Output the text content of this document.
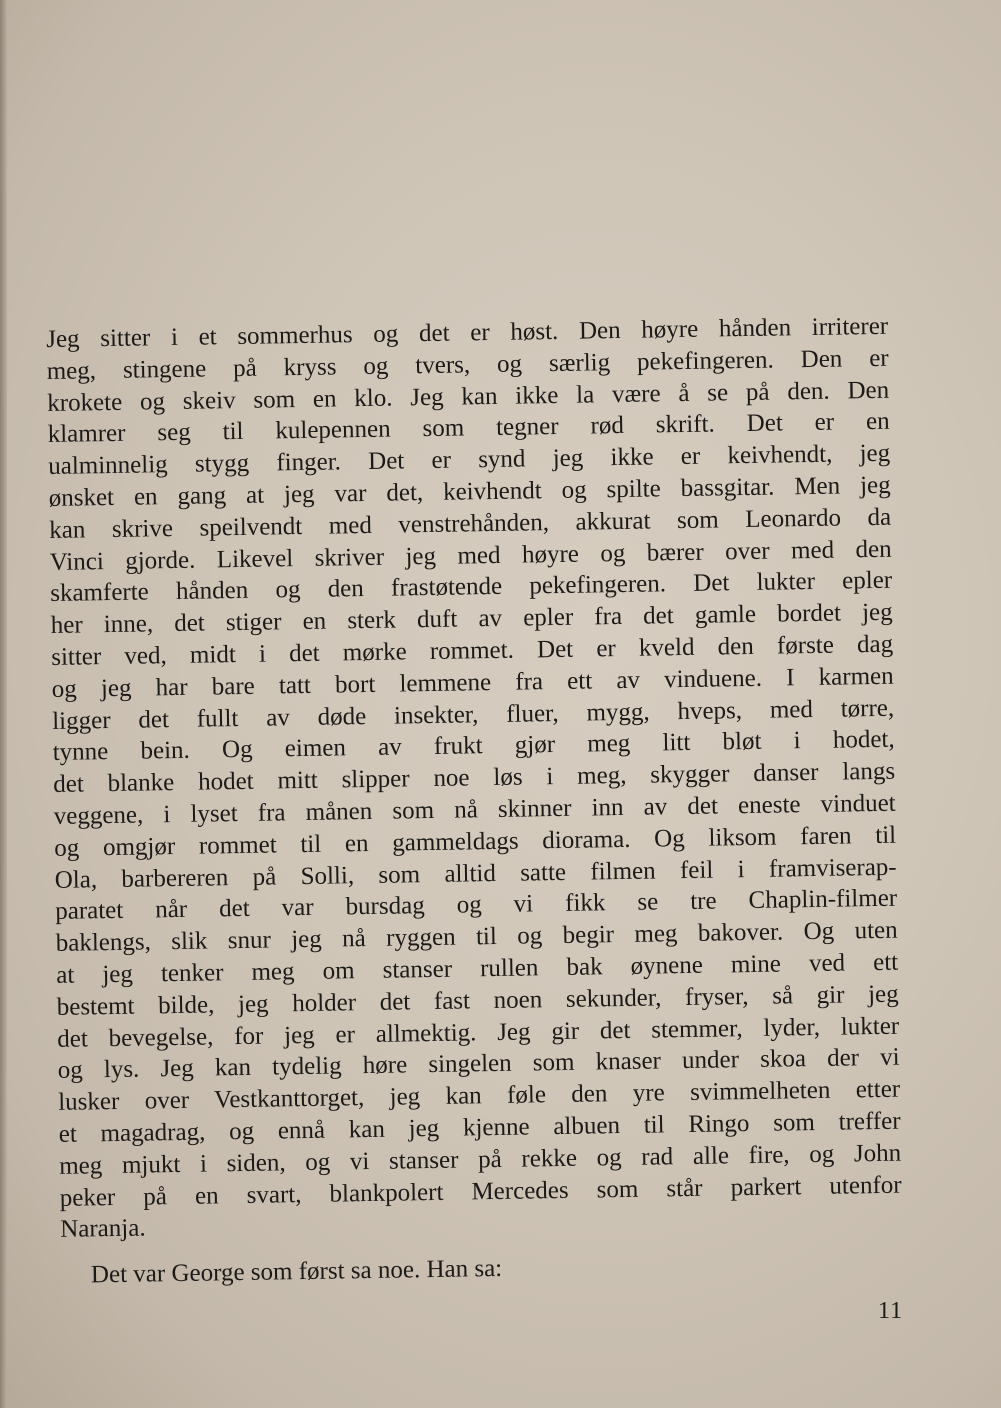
Jeg sitter i et sommerhus og det er høst. Den høyre hånden irriterer
meg, stingene på kryss og tvers, og særlig pekefingeren. Den er
krokete og skeiv som en klo. Jeg kan ikke la være å se på den. Den
klamrer seg til kulepennen som tegner rød skrift. Det er en
ualminnelig stygg finger. Det er synd jeg ikke er keivhendt, jeg
ønsket en gang at jeg var det, keivhendt og spilte bassgitar. Men jeg
kan skrive speilvendt med venstrehånden, akkurat som Leonardo da
Vinci gjorde. Likevel skriver jeg med høyre og bærer over med den
skamferte hånden og den frastøtende pekefingeren. Det lukter epler
her inne, det stiger en sterk duft av epler fra det gamle bordet jeg
sitter ved, midt i det mørke rommet. Det er kveld den første dag
og jeg har bare tatt bort lemmene fra ett av vinduene. I karmen
ligger det fullt av døde insekter, fluer, mygg, hveps, med tørre,
tynne bein. Og eimen av frukt gjør meg litt bløt i hodet,
det blanke hodet mitt slipper noe løs i meg, skygger danser langs
veggene, i lyset fra månen som nå skinner inn av det eneste vinduet
og omgjør rommet til en gammeldags diorama. Og liksom faren til
Ola, barbereren på Solli, som alltid satte filmen feil i framviserap-
paratet når det var bursdag og vi fikk se tre Chaplin-filmer
baklengs, slik snur jeg nå ryggen til og begir meg bakover. Og uten
at jeg tenker meg om stanser rullen bak øynene mine ved ett
bestemt bilde, jeg holder det fast noen sekunder, fryser, så gir jeg
det bevegelse, for jeg er allmektig. Jeg gir det stemmer, lyder, lukter
og lys. Jeg kan tydelig høre singelen som knaser under skoa der vi
lusker over Vestkanttorget, jeg kan føle den yre svimmelheten etter
et magadrag, og ennå kan jeg kjenne albuen til Ringo som treffer
meg mjukt i siden, og vi stanser på rekke og rad alle fire, og John
peker på en svart, blankpolert Mercedes som står parkert utenfor
Naranja.
Det var George som først sa noe. Han sa:
11
